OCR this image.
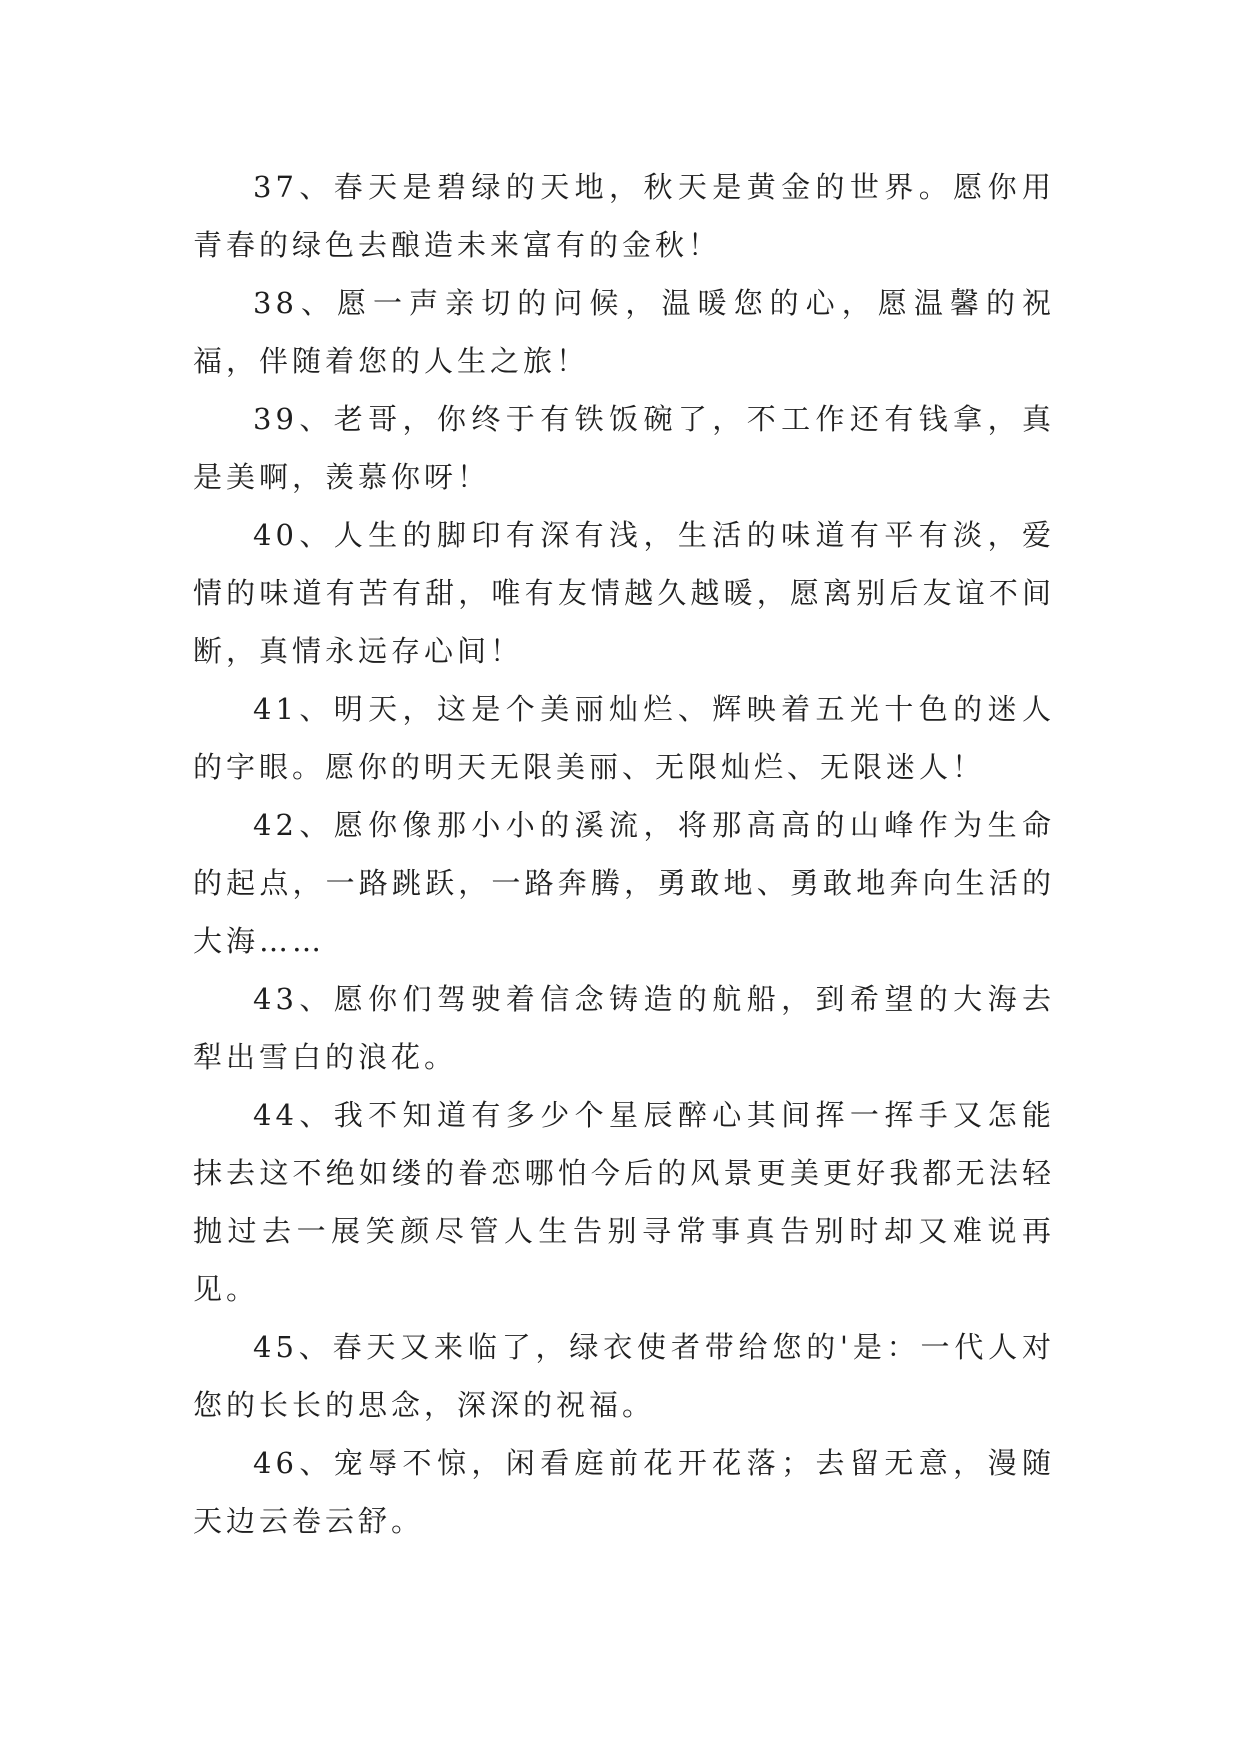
37、春天是碧绿的天地，秋天是黄金的世界。愿你用青春的绿色去酿造未来富有的金秋！

38、愿一声亲切的问候，温暖您的心，愿温馨的祝福，伴随着您的人生之旅！

39、老哥，你终于有铁饭碗了，不工作还有钱拿，真是美啊，羡慕你呀！

40、人生的脚印有深有浅，生活的味道有平有淡，爱情的味道有苦有甜，唯有友情越久越暖，愿离别后友谊不间断，真情永远存心间！

41、明天，这是个美丽灿烂、辉映着五光十色的迷人的字眼。愿你的明天无限美丽、无限灿烂、无限迷人！

42、愿你像那小小的溪流，将那高高的山峰作为生命的起点，一路跳跃，一路奔腾，勇敢地、勇敢地奔向生活的大海……

43、愿你们驾驶着信念铸造的航船，到希望的大海去犁出雪白的浪花。

44、我不知道有多少个星辰醉心其间挥一挥手又怎能抹去这不绝如缕的眷恋哪怕今后的风景更美更好我都无法轻抛过去一展笑颜尽管人生告别寻常事真告别时却又难说再见。

45、春天又来临了，绿衣使者带给您的'是：一代人对您的长长的思念，深深的祝福。

46、宠辱不惊，闲看庭前花开花落；去留无意，漫随天边云卷云舒。
